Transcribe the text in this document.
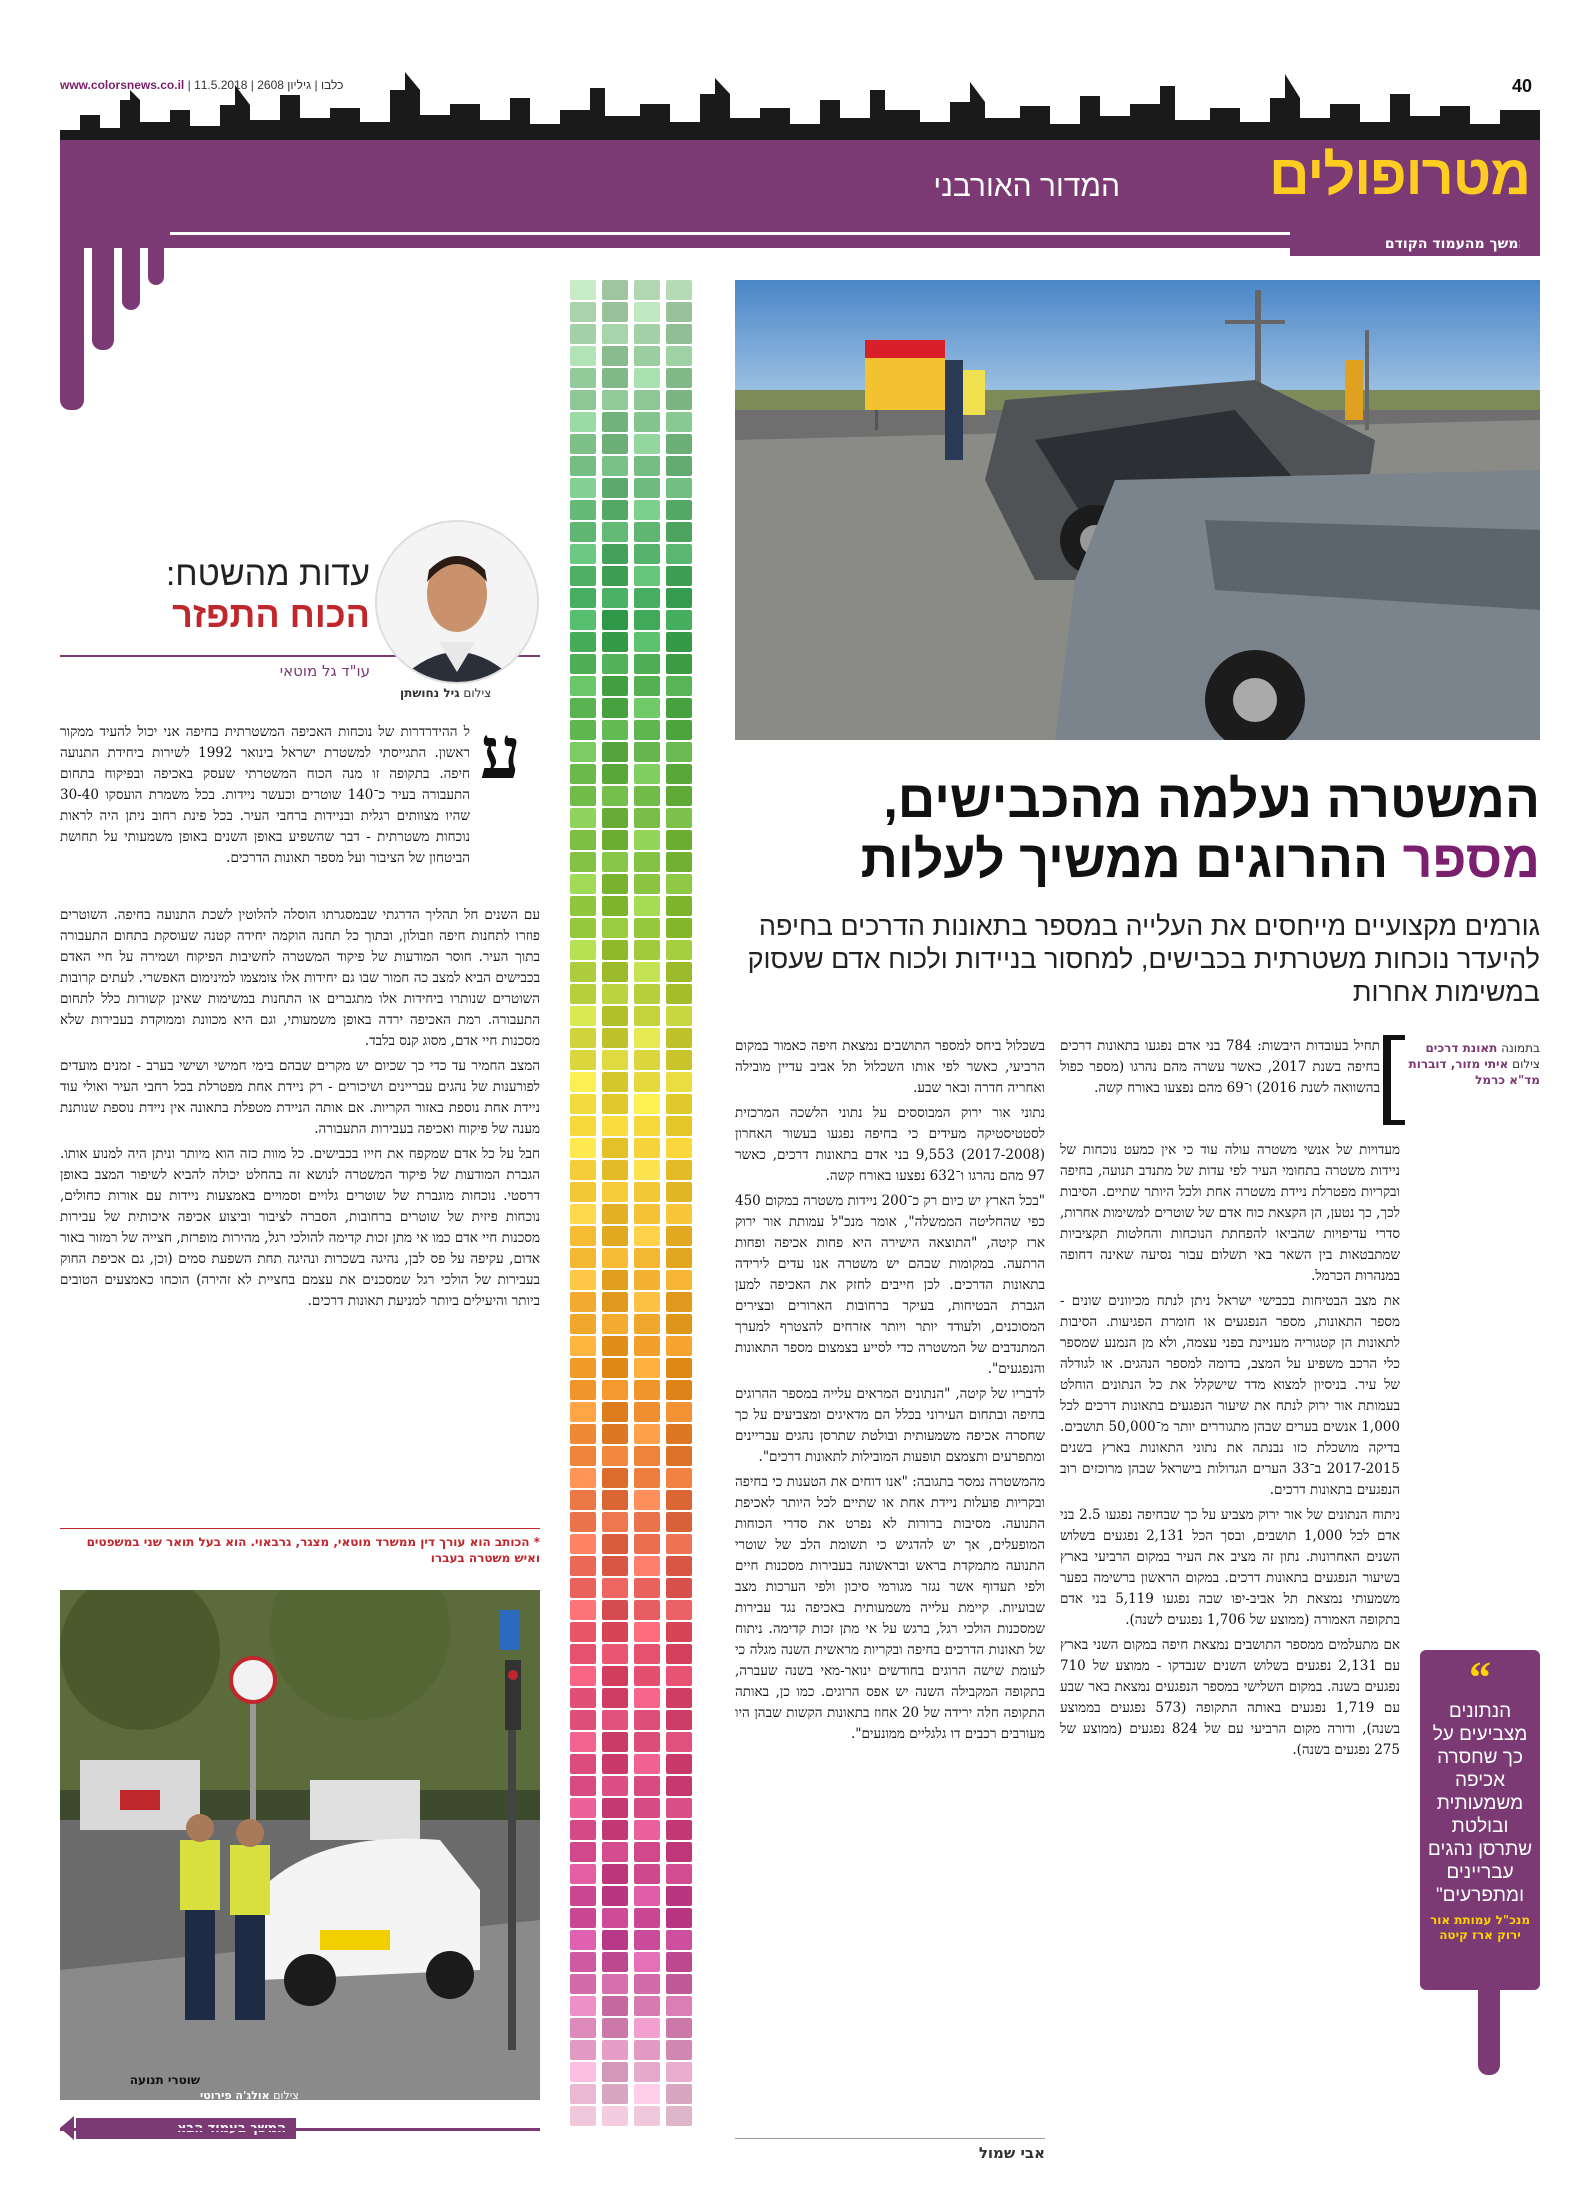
www.colorsnews.co.il | כלבו | גיליון 2608 | 11.5.2018	40
מטרופולים
המדור האורבני
המשך מהעמוד הקודם
בתמונה תאונת דרכים
צילום איתי מזור, דוברות מד"א כרמל
המשטרה נעלמה מהכבישים,
מספר ההרוגים ממשיך לעלות
גורמים מקצועיים מייחסים את העלייה במספר בתאונות הדרכים בחיפה להיעדר נוכחות משטרתית בכבישים, למחסור בניידות ולכוח אדם שעסוק במשימות אחרות

תחיל בעובדות היבשות: 784 בני אדם נפגעו בתאונות דרכים בחיפה בשנת 2017, כאשר עשרה מהם נהרגו (מספר כפול בהשוואה לשנת 2016) ו־69 מהם נפצעו באורח קשה.

מעדויות של אנשי משטרה עולה עוד כי אין כמעט נוכחות של ניידות משטרה בתחומי העיר לפי עדות של מתנדב תנועה, בחיפה ובקריות מפטרלת ניידת משטרה אחת ולכל היותר שתיים. הסיבות לכך, כך נטען, הן הקצאת כוח אדם של שוטרים למשימות אחרות, סדרי עדיפויות שהביאו להפחתת הנוכחות והחלטות תקציביות שמתבטאות בין השאר באי תשלום עבור נסיעה שאינה דחופה במנהרות הכרמל.

את מצב הבטיחות בכבישי ישראל ניתן לנתח מכיוונים שונים - מספר התאונות, מספר הנפגעים או חומרת הפגיעות. הסיבות לתאונות הן קטגוריה מעניינת בפני עצמה, ולא מן הנמנע שמספר כלי הרכב משפיע על המצב, בדומה למספר הנהגים. או לגודלה של עיר. בניסיון למצוא מדד שישקלל את כל הנתונים הוחלט בעמותת אור ירוק לנתח את שיעור הנפגעים בתאונות דרכים לכל 1,000 אנשים בערים שבהן מתגוררים יותר מ־50,000 תושבים. בדיקה מושכלת כזו נבנתה את נתוני התאונות בארץ בשנים 2017-2015 ב־33 הערים הגדולות בישראל שבהן מרוכזים רוב הנפגעים בתאונות דרכים.

ניתוח הנתונים של אור ירוק מצביע על כך שבחיפה נפגעו 2.5 בני אדם לכל 1,000 תושבים, ובסך הכל 2,131 נפגעים בשלוש השנים האחרונות. נתון זה מציב את העיר במקום הרביעי בארץ בשיעור הנפגעים בתאונות דרכים. במקום הראשון ברשימה בפער משמעותי נמצאת תל אביב-יפו שבה נפגעו 5,119 בני אדם בתקופה האמורה (ממוצע של 1,706 נפגעים לשנה).

אם מתעלמים ממספר התושבים נמצאת חיפה במקום השני בארץ עם 2,131 נפגעים בשלוש השנים שנבדקו - ממוצע של 710 נפגעים בשנה. במקום השלישי במספר הנפגעים נמצאת באר שבע עם 1,719 נפגעים באותה התקופה (573 נפגעים בממוצע בשנה), ודורה מקום הרביעי עם של 824 נפגעים (ממוצע של 275 נפגעים בשנה).

בשכלול ביחס למספר התושבים נמצאת חיפה כאמור במקום הרביעי, כאשר לפי אותו השכלול תל אביב עדיין מובילה ואחריה חדרה ובאר שבע.

נתוני אור ירוק המבוססים על נתוני הלשכה המרכזית לסטטיסטיקה מעידים כי בחיפה נפגעו בעשור האחרון (2017-2008) 9,553 בני אדם בתאונות דרכים, כאשר 97 מהם נהרגו ו־632 נפצעו באורח קשה.

"בכל הארץ יש כיום רק כ־200 ניידות משטרה במקום 450 כפי שהחליטה הממשלה", אומר מנכ"ל עמותת אור ירוק ארז קיטה, "התוצאה הישירה היא פחות אכיפה ופחות הרתעה. במקומות שבהם יש משטרה אנו עדים לירידה בתאונות הדרכים. לכן חייבים לחזק את האכיפה למען הגברת הבטיחות, בעיקר ברחובות הארורים ובצירים המסוכנים, ולעודד יותר ויותר אזרחים להצטרף למערך המתנדבים של המשטרה כדי לסייע בצמצום מספר התאונות והנפגעים".

לדבריו של קיטה, "הנתונים המראים עלייה במספר ההרוגים בחיפה ובתחום העירוני בכלל הם מדאיגים ומצביעים על כך שחסרה אכיפה משמעותית ובולטת שתרסן נהגים עבריינים ומתפרעים ותצמצם תופעות המובילות לתאונות דרכים".

מהמשטרה נמסר בתגובה: "אנו דוחים את הטענות כי בחיפה ובקריות פועלות ניידת אחת או שתיים לכל היותר לאכיפת התנועה. מסיבות ברורות לא נפרט את סדרי הכוחות המופעלים, אך יש להדגיש כי תשומת הלב של שוטרי התנועה מתמקדת בראש ובראשונה בעבירות מסכנות חיים ולפי תעדוף אשר נגזר מגורמי סיכון ולפי הערכות מצב שבועיות. קיימת עלייה משמעותית באכיפה נגד עבירות שמסכנות הולכי רגל, ברגש על אי מתן זכות קדימה. ניתוח של תאונות הדרכים בחיפה ובקריות מראשית השנה מגלה כי לעומת שישה הרוגים בחודשים ינואר-מאי בשנה שעברה, בתקופה המקבילה השנה יש אפס הרוגים. כמו כן, באותה התקופה חלה ירידה של 20 אחוז בתאונות הקשות שבהן היו מעורבים רכבים דו גלגליים ממונעים".

אבי שמול
“
הנתונים מצביעים על כך שחסרה אכיפה משמעותית ובולטת שתרסן נהגים עבריינים ומתפרעים"
מנכ"ל עמותת אור ירוק ארז קיטה
עדות מהשטח:
הכוח התפזר
עו"ד גל מוטאי
צילום גיל נחושתן
ע

ל ההידרדרות של נוכחות האכיפה המשטרתית בחיפה אני יכול להעיד ממקור ראשון. התגייסתי למשטרת ישראל בינואר 1992 לשירות ביחידת התנועה חיפה. בתקופה זו מנה הכוח המשטרתי שעסק באכיפה ובפיקוח בתחום התעבורה בעיר כ־140 שוטרים וכעשר ניידות. בכל משמרת הועסקו 30-40 שהיו מצוותים רגלית ובניידות ברחבי העיר. בכל פינת רחוב ניתן היה לראות נוכחות משטרתית - דבר שהשפיע באופן השנים באופן משמעותי על תחושת הביטחון של הציבור ועל מספר תאונות הדרכים.

עם השנים חל תהליך הדרגתי שבמסגרתו הוסלה להלוטין לשכת התנועה בחיפה. השוטרים פוזרו לתחנות חיפה וזבולון, ובתוך כל תחנה הוקמה יחידה קטנה שעוסקת בתחום התעבורה בתוך העיר. חוסר המודעות של פיקוד המשטרה לחשיבות הפיקוח ושמירה על חיי האדם בכבישים הביא למצב כה חמור שבו גם יחידות אלו צומצמו למינימום האפשרי. לעתים קרובות השוטרים שנותרו ביחידות אלו מתגברים או התחנות במשימות שאינן קשורות כלל לתחום התעבורה. רמת האכיפה ירדה באופן משמעותי, וגם היא מכוונת וממוקדת בעבירות שלא מסכנות חיי אדם, מסוג קנס בלבד.

המצב החמיר עד כדי כך שכיום יש מקרים שבהם בימי חמישי ושישי בערב - זמנים מועדים לפורענות של נהגים עבריינים ושיכורים - רק ניידת אחת מפטרלת בכל רחבי העיר ואולי עוד ניידת אחת נוספת באזור הקריות. אם אותה הניידת מטפלת בתאונה אין ניידת נוספת שנותנת מענה של פיקוח ואכיפה בעבירות התעבורה.

חבל על כל אדם שמקפח את חייו בכבישים. כל מוות כזה הוא מיותר וניתן היה למנוע אותו. הגברת המודעות של פיקוד המשטרה לנושא זה בהחלט יכולה להביא לשיפור המצב באופן דרסטי. נוכחות מוגברת של שוטרים גלויים וסמויים באמצעות ניידות עם אורות כחולים, נוכחות פיזית של שוטרים ברחובות, הסברה לציבור וביצוע אכיפה איכותית של עבירות מסכנות חיי אדם כמו אי מתן זכות קדימה להולכי רגל, מהירות מופרזת, חצייה של רמזור באור אדום, עקיפה על פס לבן, נהיגה בשכרות ונהיגה תחת השפעת סמים (וכן, גם אכיפת החוק בעבירות של הולכי רגל שמסכנים את עצמם בחציית לא זהירה) הוכחו כאמצעים הטובים ביותר והיעילים ביותר למניעת תאונות דרכים.

* הכותב הוא עורך דין ממשרד מוטאי, מצגר, גרבאוי. הוא בעל תואר שני במשפטים ואיש משטרה בעברו
שוטרי תנועה
צילום אולג'ה פירוטי
